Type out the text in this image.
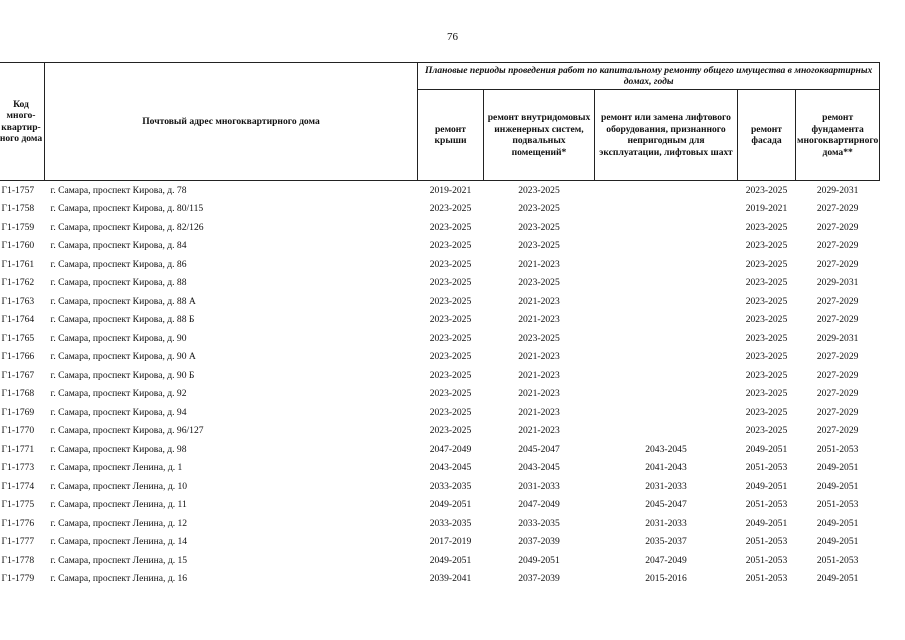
76
Код много-квартир-ного дома	Почтовый адрес многоквартирного дома	Плановые периоды проведения работ по капитальному ремонту общего имущества в многоквартирных домах, годы				
		ремонт крыши	ремонт внутридомовых инженерных систем, подвальных помещений*	ремонт или замена лифтового оборудования, признанного непригодным для эксплуатации, лифтовых шахт	ремонт фасада	ремонт фундамента многоквартирного дома**
Г1-1757	г. Самара, проспект Кирова, д. 78	2019-2021	2023-2025		2023-2025	2029-2031
Г1-1758	г. Самара, проспект Кирова, д. 80/115	2023-2025	2023-2025		2019-2021	2027-2029
Г1-1759	г. Самара, проспект Кирова, д. 82/126	2023-2025	2023-2025		2023-2025	2027-2029
Г1-1760	г. Самара, проспект Кирова, д. 84	2023-2025	2023-2025		2023-2025	2027-2029
Г1-1761	г. Самара, проспект Кирова, д. 86	2023-2025	2021-2023		2023-2025	2027-2029
Г1-1762	г. Самара, проспект Кирова, д. 88	2023-2025	2023-2025		2023-2025	2029-2031
Г1-1763	г. Самара, проспект Кирова, д. 88 А	2023-2025	2021-2023		2023-2025	2027-2029
Г1-1764	г. Самара, проспект Кирова, д. 88 Б	2023-2025	2021-2023		2023-2025	2027-2029
Г1-1765	г. Самара, проспект Кирова, д. 90	2023-2025	2023-2025		2023-2025	2029-2031
Г1-1766	г. Самара, проспект Кирова, д. 90 А	2023-2025	2021-2023		2023-2025	2027-2029
Г1-1767	г. Самара, проспект Кирова, д. 90 Б	2023-2025	2021-2023		2023-2025	2027-2029
Г1-1768	г. Самара, проспект Кирова, д. 92	2023-2025	2021-2023		2023-2025	2027-2029
Г1-1769	г. Самара, проспект Кирова, д. 94	2023-2025	2021-2023		2023-2025	2027-2029
Г1-1770	г. Самара, проспект Кирова, д. 96/127	2023-2025	2021-2023		2023-2025	2027-2029
Г1-1771	г. Самара, проспект Кирова, д. 98	2047-2049	2045-2047	2043-2045	2049-2051	2051-2053
Г1-1773	г. Самара, проспект Ленина, д. 1	2043-2045	2043-2045	2041-2043	2051-2053	2049-2051
Г1-1774	г. Самара, проспект Ленина, д. 10	2033-2035	2031-2033	2031-2033	2049-2051	2049-2051
Г1-1775	г. Самара, проспект Ленина, д. 11	2049-2051	2047-2049	2045-2047	2051-2053	2051-2053
Г1-1776	г. Самара, проспект Ленина, д. 12	2033-2035	2033-2035	2031-2033	2049-2051	2049-2051
Г1-1777	г. Самара, проспект Ленина, д. 14	2017-2019	2037-2039	2035-2037	2051-2053	2049-2051
Г1-1778	г. Самара, проспект Ленина, д. 15	2049-2051	2049-2051	2047-2049	2051-2053	2051-2053
Г1-1779	г. Самара, проспект Ленина, д. 16	2039-2041	2037-2039	2015-2016	2051-2053	2049-2051
